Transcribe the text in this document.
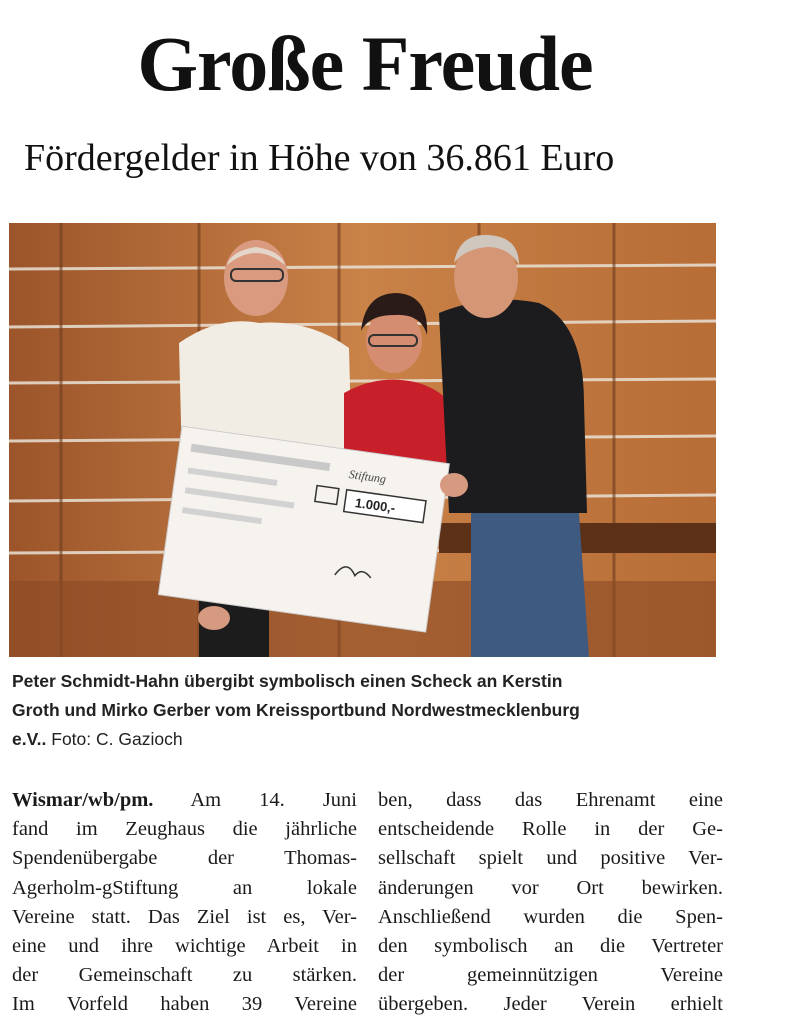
Große Freude
Fördergelder in Höhe von 36.861 Euro
1.000,-
Stiftung
Peter Schmidt-Hahn übergibt symbolisch einen Scheck an Kerstin
Groth und Mirko Gerber vom Kreissportbund Nordwestmecklenburg
e.V.. Foto: C. Gazioch
Wismar/wb/pm. Am 14. Juni
fand im Zeughaus die jährliche
Spendenübergabe der Thomas-
Agerholm-gStiftung an lokale
Vereine statt. Das Ziel ist es, Ver-
eine und ihre wichtige Arbeit in
der Gemeinschaft zu stärken.
Im Vorfeld haben 39 Vereine
ben, dass das Ehrenamt eine
entscheidende Rolle in der Ge-
sellschaft spielt und positive Ver-
änderungen vor Ort bewirken.
Anschließend wurden die Spen-
den symbolisch an die Vertreter
der gemeinnützigen Vereine
übergeben. Jeder Verein erhielt
